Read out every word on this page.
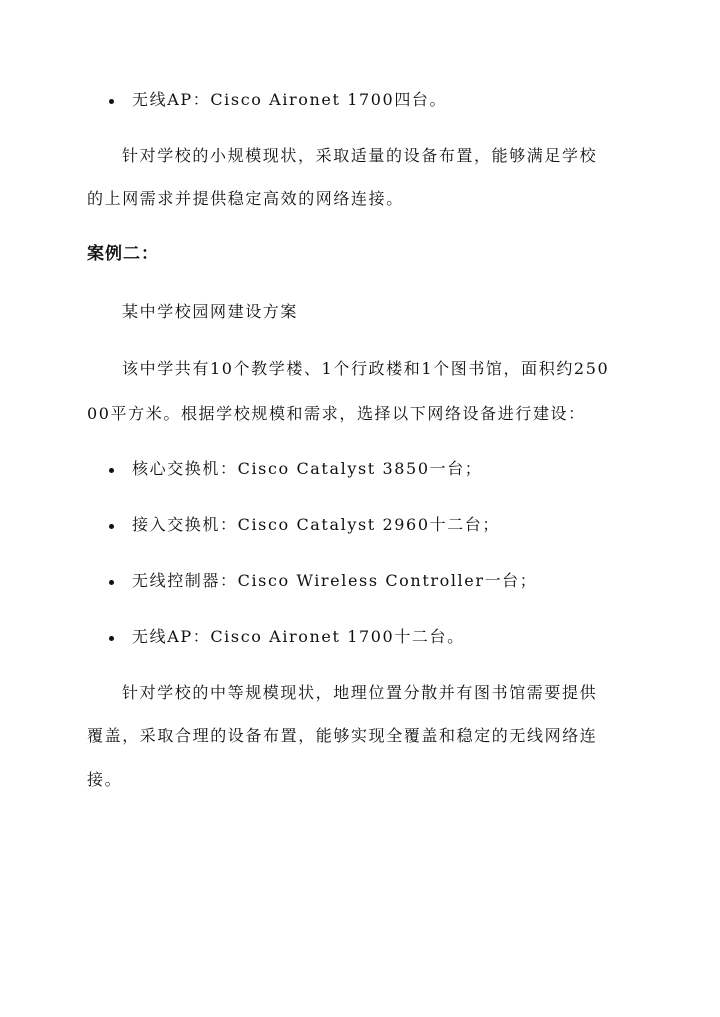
无线AP：Cisco Aironet 1700四台。
针对学校的小规模现状，采取适量的设备布置，能够满足学校
的上网需求并提供稳定高效的网络连接。
案例二：
某中学校园网建设方案
该中学共有10个教学楼、1个行政楼和1个图书馆，面积约250
00平方米。根据学校规模和需求，选择以下网络设备进行建设：
核心交换机：Cisco Catalyst 3850一台；
接入交换机：Cisco Catalyst 2960十二台；
无线控制器：Cisco Wireless Controller一台；
无线AP：Cisco Aironet 1700十二台。
针对学校的中等规模现状，地理位置分散并有图书馆需要提供
覆盖，采取合理的设备布置，能够实现全覆盖和稳定的无线网络连
接。
